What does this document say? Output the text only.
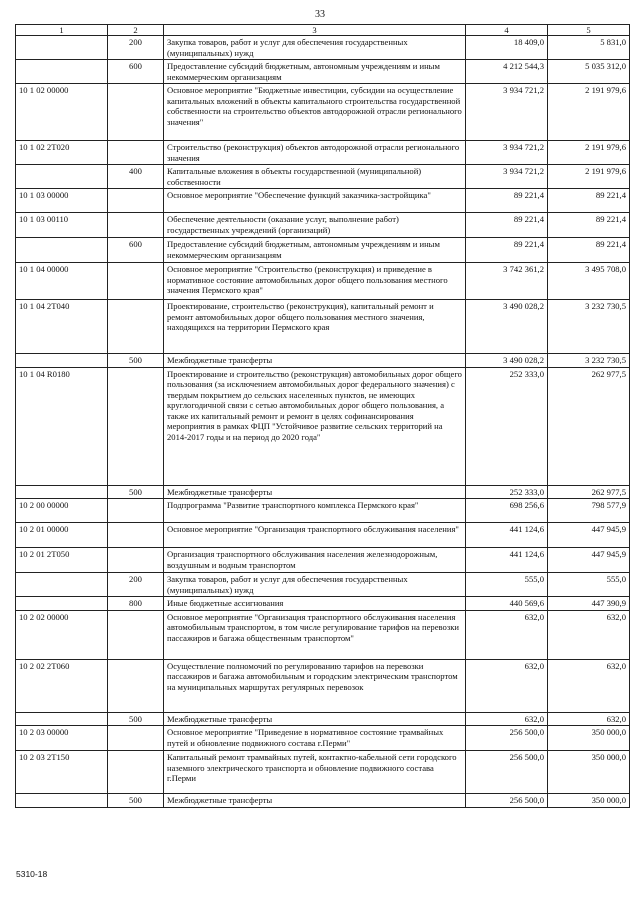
33
1	2	3	4	5
	200	Закупка товаров, работ и услуг для обеспечения государственных (муниципальных) нужд	18 409,0	5 831,0
	600	Предоставление субсидий бюджетным, автономным учреждениям и иным некоммерческим организациям	4 212 544,3	5 035 312,0
10 1 02 00000		Основное мероприятие "Бюджетные инвестиции, субсидии на осуществление капитальных вложений в объекты капитального строительства государственной собственности на строительство объектов автодорожной отрасли регионального значения"	3 934 721,2	2 191 979,6
10 1 02 2Т020		Строительство (реконструкция) объектов автодорожной отрасли регионального значения	3 934 721,2	2 191 979,6
	400	Капитальные вложения в объекты государственной (муниципальной) собственности	3 934 721,2	2 191 979,6
10 1 03 00000		Основное мероприятие "Обеспечение функций заказчика-застройщика"	89 221,4	89 221,4
10 1 03 00110		Обеспечение деятельности (оказание услуг, выполнение работ) государственных учреждений (организаций)	89 221,4	89 221,4
	600	Предоставление субсидий бюджетным, автономным учреждениям и иным некоммерческим организациям	89 221,4	89 221,4
10 1 04 00000		Основное мероприятие "Строительство (реконструкция) и приведение в нормативное состояние автомобильных дорог общего пользования местного значения Пермского края"	3 742 361,2	3 495 708,0
10 1 04 2Т040		Проектирование, строительство (реконструкция), капитальный ремонт и ремонт автомобильных дорог общего пользования местного значения, находящихся на территории Пермского края	3 490 028,2	3 232 730,5
	500	Межбюджетные трансферты	3 490 028,2	3 232 730,5
10 1 04 R0180		Проектирование и строительство (реконструкция) автомобильных дорог общего пользования (за исключением автомобильных дорог федерального значения) с твердым покрытием до сельских населенных пунктов, не имеющих круглогодичной связи с сетью автомобильных дорог общего пользования, а также их капитальный ремонт и ремонт в целях софинансирования мероприятия в рамках ФЦП "Устойчивое развитие сельских территорий на 2014-2017 годы и на период до 2020 года"	252 333,0	262 977,5
	500	Межбюджетные трансферты	252 333,0	262 977,5
10 2 00 00000		Подпрограмма "Развитие транспортного комплекса Пермского края"	698 256,6	798 577,9
10 2 01 00000		Основное мероприятие "Организация транспортного обслуживания населения"	441 124,6	447 945,9
10 2 01 2Т050		Организация транспортного обслуживания населения железнодорожным, воздушным и водным транспортом	441 124,6	447 945,9
	200	Закупка товаров, работ и услуг для обеспечения государственных (муниципальных) нужд	555,0	555,0
	800	Иные бюджетные ассигнования	440 569,6	447 390,9
10 2 02 00000		Основное мероприятие "Организация транспортного обслуживания населения автомобильным транспортом, в том числе регулирование тарифов на перевозки пассажиров и багажа общественным транспортом"	632,0	632,0
10 2 02 2Т060		Осуществление полномочий по регулированию тарифов на перевозки пассажиров и багажа автомобильным и городским электрическим транспортом на муниципальных маршрутах регулярных перевозок	632,0	632,0
	500	Межбюджетные трансферты	632,0	632,0
10 2 03 00000		Основное мероприятие "Приведение в нормативное состояние трамвайных путей и обновление подвижного состава г.Перми"	256 500,0	350 000,0
10 2 03 2Т150		Капитальный ремонт трамвайных путей, контактно-кабельной сети городского наземного электрического транспорта и обновление подвижного состава г.Перми	256 500,0	350 000,0
	500	Межбюджетные трансферты	256 500,0	350 000,0
5310-18
